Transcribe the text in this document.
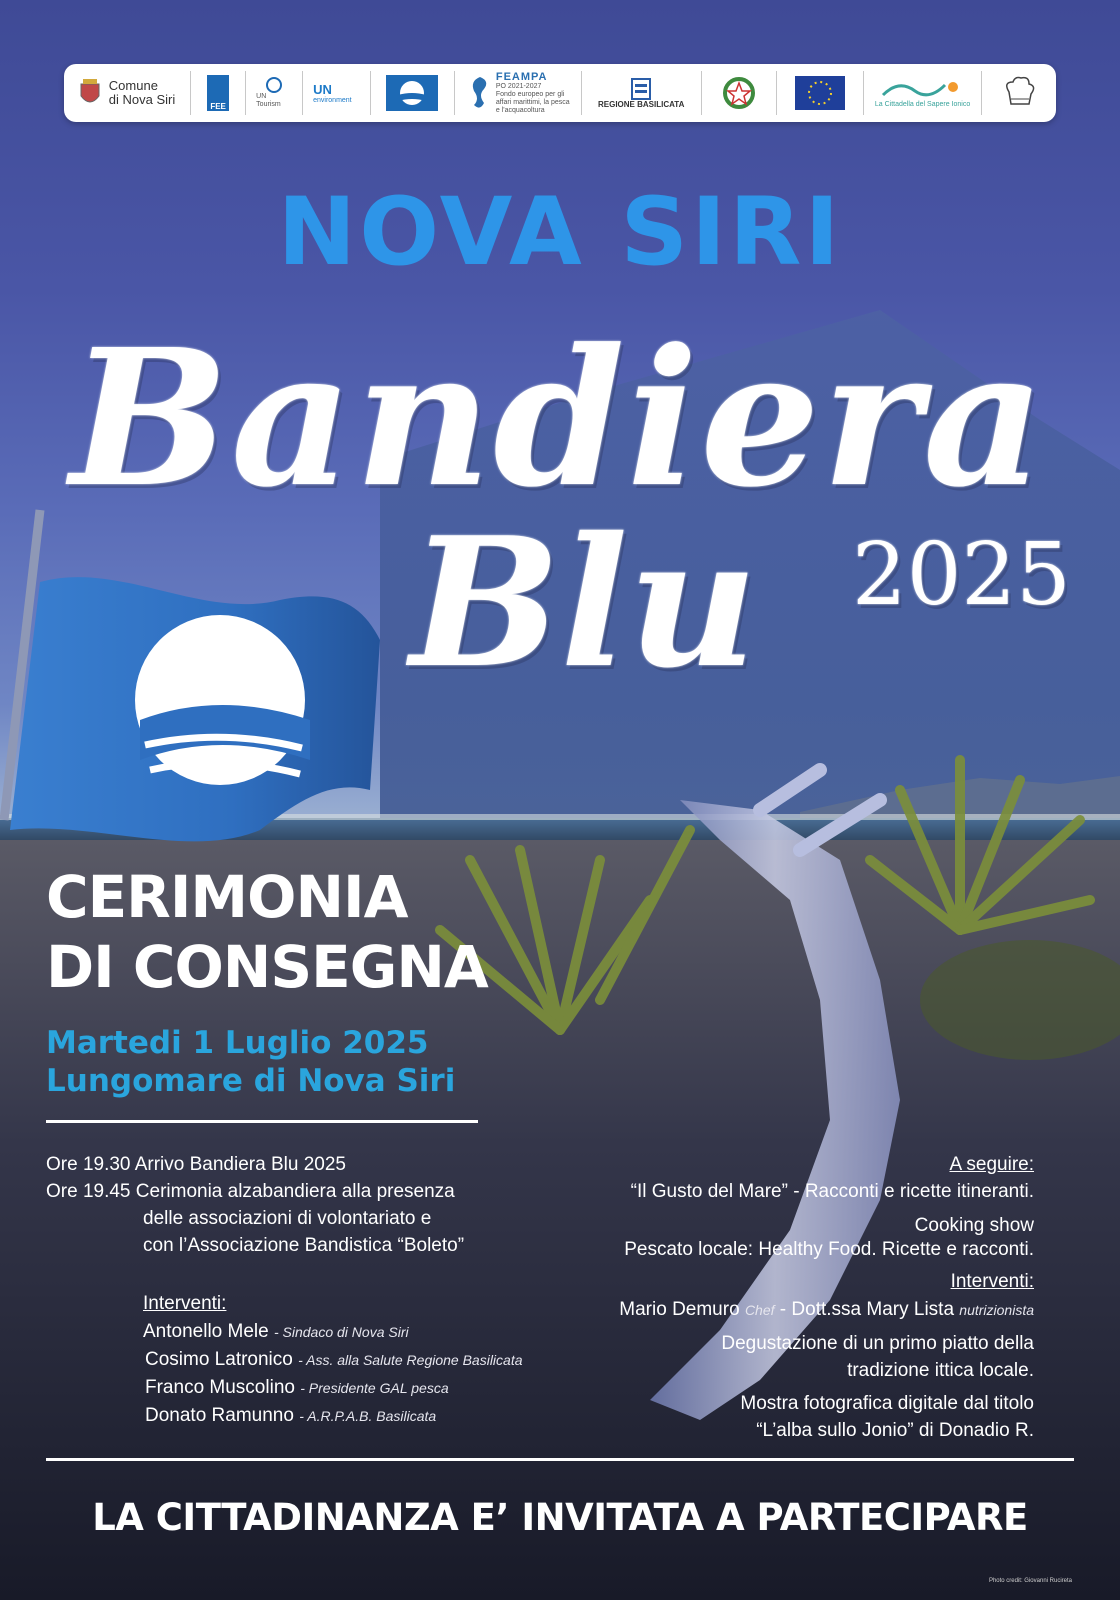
Comune
di Nova Siri	FEE
UN Tourism
UN
environment
FEAMPA
PO 2021-2027
Fondo europeo per gli
affari marittimi, la pesca
e l'acquacoltura
REGIONE BASILICATA	La Cittadella del Sapere Ionico
NOVA SIRI
Bandiera
Blu 2025
CERIMONIA
DI CONSEGNA
Martedi 1 Luglio 2025
Lungomare di Nova Siri
Ore 19.30 Arrivo Bandiera Blu 2025
Ore 19.45 Cerimonia alzabandiera alla presenza
delle associazioni di volontariato e
con l’Associazione Bandistica “Boleto”
Interventi:
Antonello Mele - Sindaco di Nova Siri
Cosimo Latronico - Ass. alla Salute Regione Basilicata
Franco Muscolino - Presidente GAL pesca
Donato Ramunno - A.R.P.A.B. Basilicata
A seguire:
“Il Gusto del Mare” - Racconti e ricette itineranti.
Cooking show
Pescato locale: Healthy Food. Ricette e racconti.
Interventi:
Mario Demuro Chef - Dott.ssa Mary Lista nutrizionista
Degustazione di un primo piatto della
tradizione ittica locale.
Mostra fotografica digitale dal titolo
“L’alba sullo Jonio” di Donadio R.
LA CITTADINANZA E’ INVITATA A PARTECIPARE
Photo credit: Giovanni Rucireta
